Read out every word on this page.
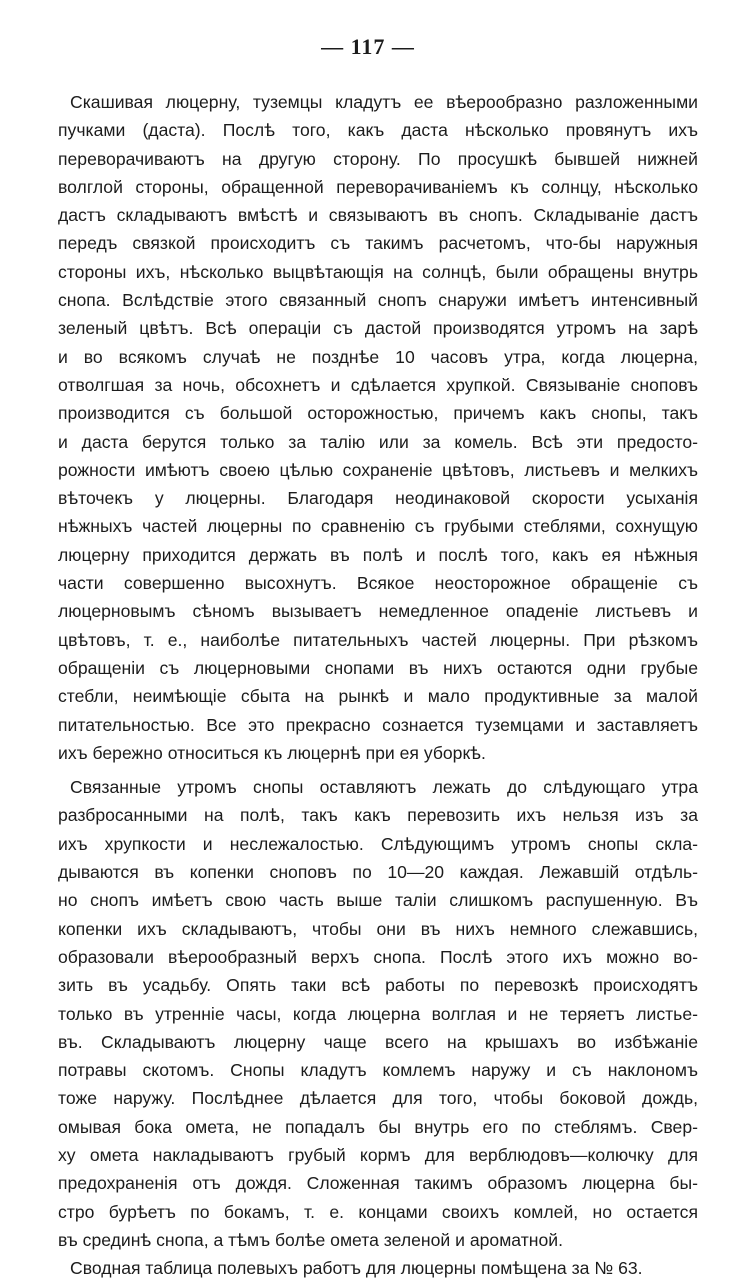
— 117 —
Скашивая люцерну, туземцы кладутъ ее вѣерообразно разложенными
пучками (даста). Послѣ того, какъ даста нѣсколько провянутъ ихъ
переворачиваютъ на другую сторону. По просушкѣ бывшей нижней
волглой стороны, обращенной переворачиваніемъ къ солнцу, нѣсколько
дастъ складываютъ вмѣстѣ и связываютъ въ снопъ. Складываніе дастъ
передъ связкой происходитъ съ такимъ расчетомъ, что-бы наружныя
стороны ихъ, нѣсколько выцвѣтающія на солнцѣ, были обращены внутрь
снопа. Вслѣдствіе этого связанный снопъ снаружи имѣетъ интенсивный
зеленый цвѣтъ. Всѣ операціи съ дастой производятся утромъ на зарѣ
и во всякомъ случаѣ не позднѣе 10 часовъ утра, когда люцерна,
отволгшая за ночь, обсохнетъ и сдѣлается хрупкой. Связываніе сноповъ
производится съ большой осторожностью, причемъ какъ снопы, такъ
и даста берутся только за талію или за комель. Всѣ эти предосто-
рожности имѣютъ своею цѣлью сохраненіе цвѣтовъ, листьевъ и мелкихъ
вѣточекъ у люцерны. Благодаря неодинаковой скорости усыханія
нѣжныхъ частей люцерны по сравненію съ грубыми стеблями, сохнущую
люцерну приходится держать въ полѣ и послѣ того, какъ ея нѣжныя
части совершенно высохнутъ. Всякое неосторожное обращеніе съ
люцерновымъ сѣномъ вызываетъ немедленное опаденіе листьевъ и
цвѣтовъ, т. е., наиболѣе питательныхъ частей люцерны. При рѣзкомъ
обращеніи съ люцерновыми снопами въ нихъ остаются одни грубые
стебли, неимѣющіе сбыта на рынкѣ и мало продуктивные за малой
питательностью. Все это прекрасно сознается туземцами и заставляетъ
ихъ бережно относиться къ люцернѣ при ея уборкѣ.
Связанные утромъ снопы оставляютъ лежать до слѣдующаго утра
разбросанными на полѣ, такъ какъ перевозить ихъ нельзя изъ за
ихъ хрупкости и неслежалостью. Слѣдующимъ утромъ снопы скла-
дываются въ копенки сноповъ по 10—20 каждая. Лежавшій отдѣль-
но снопъ имѣетъ свою часть выше таліи слишкомъ распушенную. Въ
копенки ихъ складываютъ, чтобы они въ нихъ немного слежавшись,
образовали вѣерообразный верхъ снопа. Послѣ этого ихъ можно во-
зить въ усадьбу. Опять таки всѣ работы по перевозкѣ происходятъ
только въ утренніе часы, когда люцерна волглая и не теряетъ листье-
въ. Складываютъ люцерну чаще всего на крышахъ во избѣжаніе
потравы скотомъ. Снопы кладутъ комлемъ наружу и съ наклономъ
тоже наружу. Послѣднее дѣлается для того, чтобы боковой дождь,
омывая бока омета, не попадалъ бы внутрь его по стеблямъ. Свер-
ху омета накладываютъ грубый кормъ для верблюдовъ—колючку для
предохраненія отъ дождя. Сложенная такимъ образомъ люцерна бы-
стро бурѣетъ по бокамъ, т. е. концами своихъ комлей, но остается
въ срединѣ снопа, а тѣмъ болѣе омета зеленой и ароматной.
Сводная таблица полевыхъ работъ для люцерны помѣщена за № 63.
